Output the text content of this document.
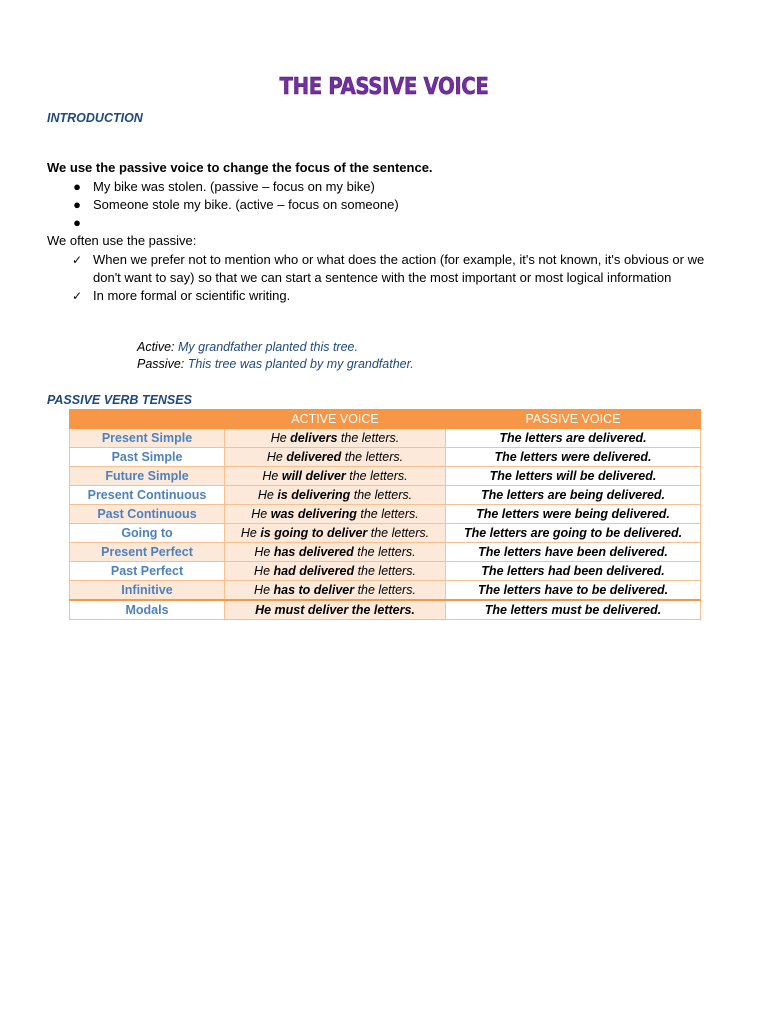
THE PASSIVE VOICE
INTRODUCTION
We use the passive voice to change the focus of the sentence.
● My bike was stolen. (passive – focus on my bike)
● Someone stole my bike. (active – focus on someone)
●

We often use the passive:
✓ When we prefer not to mention who or what does the action (for example, it's not known, it's obvious or we don't want to say) so that we can start a sentence with the most important or most logical information
✓ In more formal or scientific writing.
Active: My grandfather planted this tree.
Passive: This tree was planted by my grandfather.
PASSIVE VERB TENSES
	ACTIVE VOICE	PASSIVE VOICE
Present Simple	He delivers the letters.	The letters are delivered.
Past Simple	He delivered the letters.	The letters were delivered.
Future Simple	He will deliver the letters.	The letters will be delivered.
Present Continuous	He is delivering the letters.	The letters are being delivered.
Past Continuous	He was delivering the letters.	The letters were being delivered.
Going to	He is going to deliver the letters.	The letters are going to be delivered.
Present Perfect	He has delivered the letters.	The letters have been delivered.
Past Perfect	He had delivered the letters.	The letters had been delivered.
Infinitive	He has to deliver the letters.	The letters have to be delivered.
Modals	He must deliver the letters.	The letters must be delivered.
